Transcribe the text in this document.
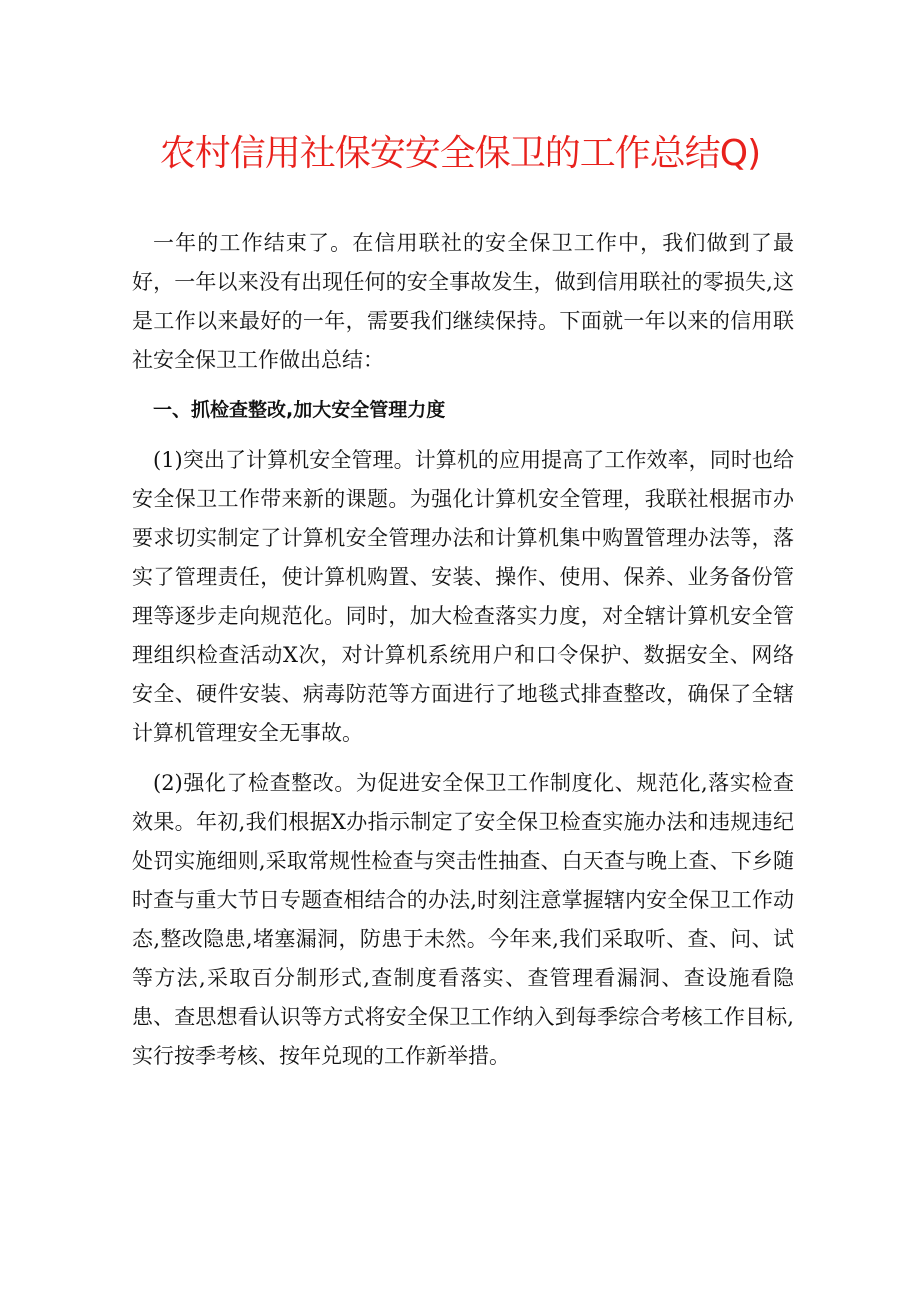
农村信用社保安安全保卫的工作总结Q)

一年的工作结束了。在信用联社的安全保卫工作中，我们做到了最好，一年以来没有出现任何的安全事故发生，做到信用联社的零损失,这是工作以来最好的一年，需要我们继续保持。下面就一年以来的信用联社安全保卫工作做出总结：

一、抓检查整改,加大安全管理力度

(1)突出了计算机安全管理。计算机的应用提高了工作效率，同时也给安全保卫工作带来新的课题。为强化计算机安全管理，我联社根据市办要求切实制定了计算机安全管理办法和计算机集中购置管理办法等，落实了管理责任，使计算机购置、安装、操作、使用、保养、业务备份管理等逐步走向规范化。同时，加大检查落实力度，对全辖计算机安全管理组织检查活动X次，对计算机系统用户和口令保护、数据安全、网络安全、硬件安装、病毒防范等方面进行了地毯式排查整改，确保了全辖计算机管理安全无事故。

(2)强化了检查整改。为促进安全保卫工作制度化、规范化,落实检查效果。年初,我们根据X办指示制定了安全保卫检查实施办法和违规违纪处罚实施细则,采取常规性检查与突击性抽查、白天查与晚上查、下乡随时查与重大节日专题查相结合的办法,时刻注意掌握辖内安全保卫工作动态,整改隐患,堵塞漏洞，防患于未然。今年来,我们采取听、查、问、试等方法,采取百分制形式,查制度看落实、查管理看漏洞、查设施看隐患、查思想看认识等方式将安全保卫工作纳入到每季综合考核工作目标,实行按季考核、按年兑现的工作新举措。
